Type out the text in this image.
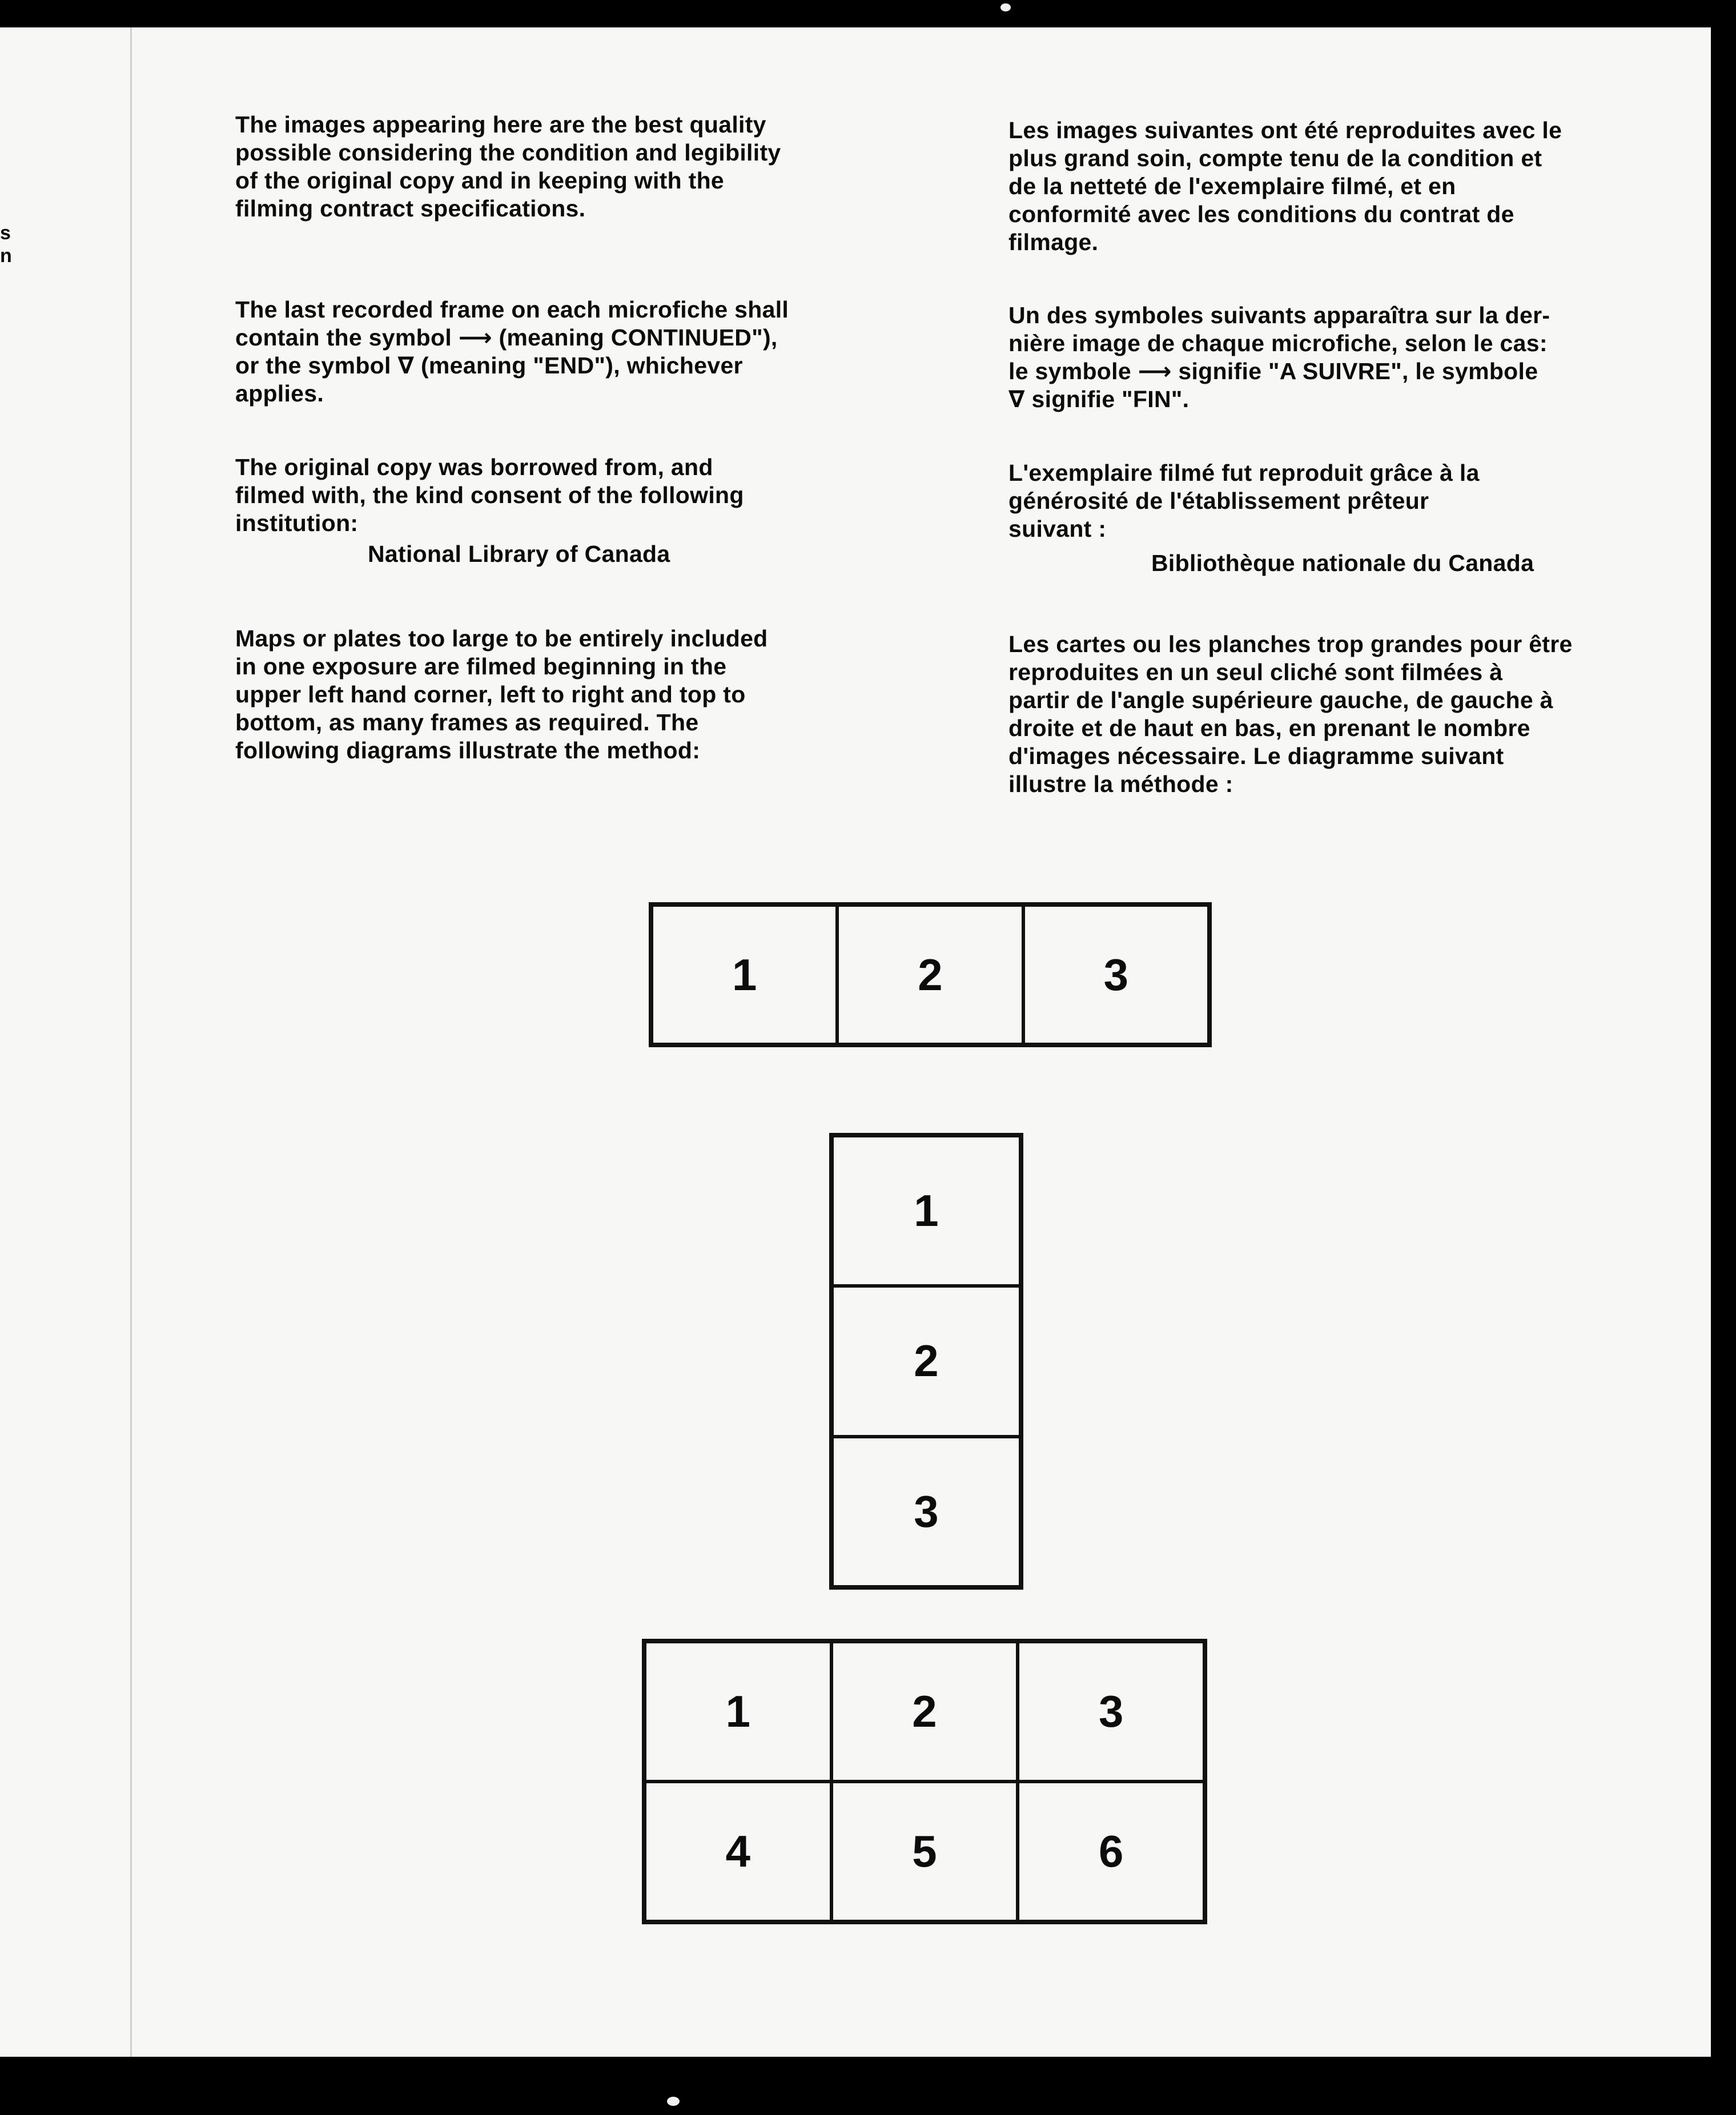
s
n

The images appearing here are the best quality
possible considering the condition and legibility
of the original copy and in keeping with the
filming contract specifications.

The last recorded frame on each microfiche shall
contain the symbol ⟶ (meaning CONTINUED"),
or the symbol ∇ (meaning "END"), whichever
applies.

The original copy was borrowed from, and
filmed with, the kind consent of the following
institution:

National Library of Canada

Maps or plates too large to be entirely included
in one exposure are filmed beginning in the
upper left hand corner, left to right and top to
bottom, as many frames as required. The
following diagrams illustrate the method:

Les images suivantes ont été reproduites avec le
plus grand soin, compte tenu de la condition et
de la netteté de l'exemplaire filmé, et en
conformité avec les conditions du contrat de
filmage.

Un des symboles suivants apparaîtra sur la der-
nière image de chaque microfiche, selon le cas:
le symbole ⟶ signifie "A SUIVRE", le symbole
∇ signifie "FIN".

L'exemplaire filmé fut reproduit grâce à la
générosité de l'établissement prêteur
suivant :

Bibliothèque nationale du Canada

Les cartes ou les planches trop grandes pour être
reproduites en un seul cliché sont filmées à
partir de l'angle supérieure gauche, de gauche à
droite et de haut en bas, en prenant le nombre
d'images nécessaire. Le diagramme suivant
illustre la méthode :

1	2	3
1
2
3
1	2	3
4	5	6
